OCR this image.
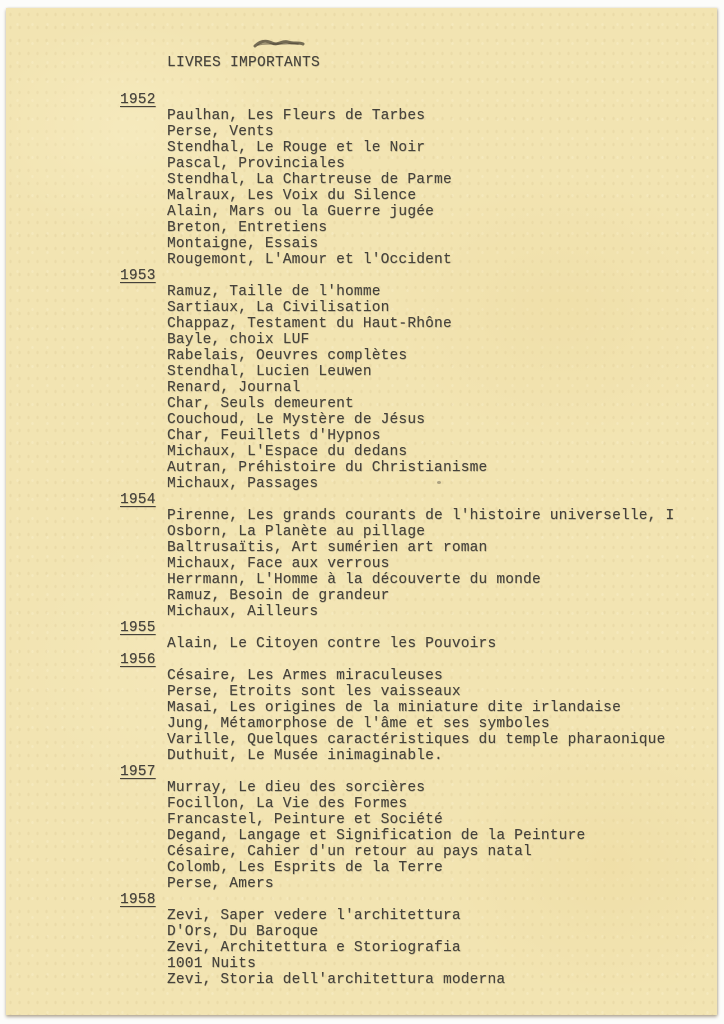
LIVRES IMPORTANTS
1952
Paulhan, Les Fleurs de Tarbes
Perse, Vents
Stendhal, Le Rouge et le Noir
Pascal, Provinciales
Stendhal, La Chartreuse de Parme
Malraux, Les Voix du Silence
Alain, Mars ou la Guerre jugée
Breton, Entretiens
Montaigne, Essais
Rougemont, L'Amour et l'Occident
1953
Ramuz, Taille de l'homme
Sartiaux, La Civilisation
Chappaz, Testament du Haut-Rhône
Bayle, choix LUF
Rabelais, Oeuvres complètes
Stendhal, Lucien Leuwen
Renard, Journal
Char, Seuls demeurent
Couchoud, Le Mystère de Jésus
Char, Feuillets d'Hypnos
Michaux, L'Espace du dedans
Autran, Préhistoire du Christianisme
Michaux, Passages
1954
Pirenne, Les grands courants de l'histoire universelle, I
Osborn, La Planète au pillage
Baltrusaïtis, Art sumérien art roman
Michaux, Face aux verrous
Herrmann, L'Homme à la découverte du monde
Ramuz, Besoin de grandeur
Michaux, Ailleurs
1955
Alain, Le Citoyen contre les Pouvoirs
1956
Césaire, Les Armes miraculeuses
Perse, Etroits sont les vaisseaux
Masai, Les origines de la miniature dite irlandaise
Jung, Métamorphose de l'âme et ses symboles
Varille, Quelques caractéristiques du temple pharaonique
Duthuit, Le Musée inimaginable.
1957
Murray, Le dieu des sorcières
Focillon, La Vie des Formes
Francastel, Peinture et Société
Degand, Langage et Signification de la Peinture
Césaire, Cahier d'un retour au pays natal
Colomb, Les Esprits de la Terre
Perse, Amers
1958
Zevi, Saper vedere l'architettura
D'Ors, Du Baroque
Zevi, Architettura e Storiografia
1001 Nuits
Zevi, Storia dell'architettura moderna
